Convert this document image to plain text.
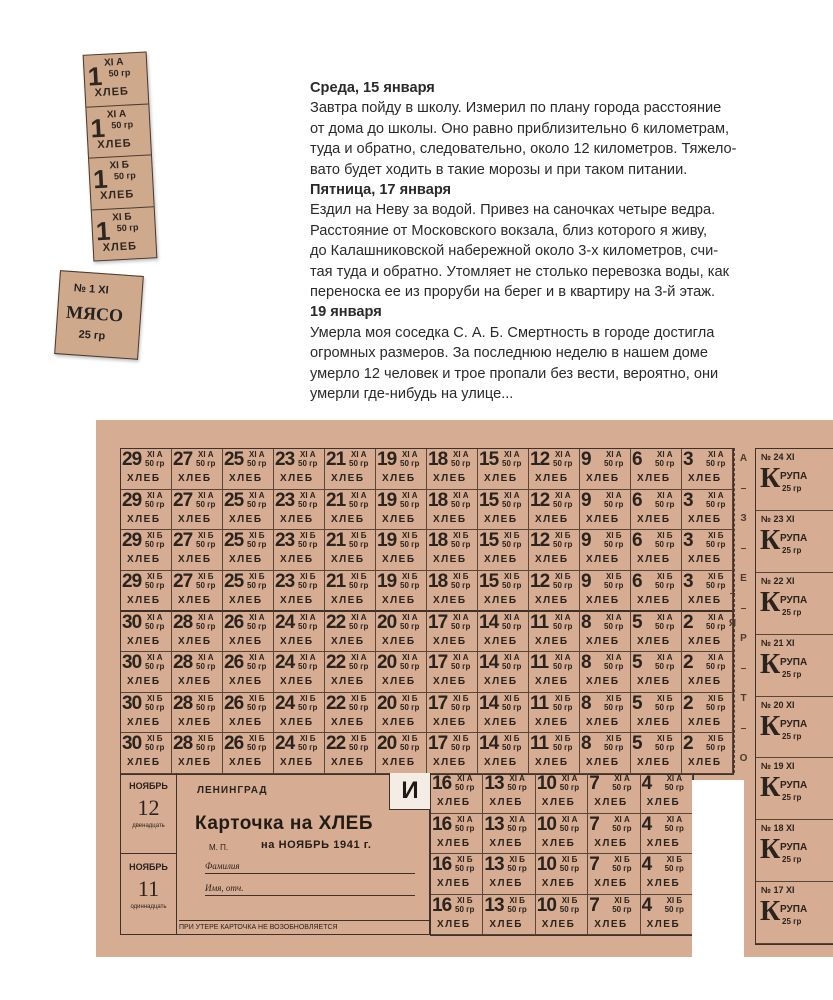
Среда, 15 января
Завтра пойду в школу. Измерил по плану города расстояние
от дома до школы. Оно равно приблизительно 6 километрам,
туда и обратно, следовательно, около 12 километров. Тяжело-
вато будет ходить в такие морозы и при таком питании.
Пятница, 17 января
Ездил на Неву за водой. Привез на саночках четыре ведра.
Расстояние от Московского вокзала, близ которого я живу,
до Калашниковской набережной около 3-х километров, счи-
тая туда и обратно. Утомляет не столько перевозка воды, как
переноска ее из проруби на берег и в квартиру на 3-й этаж.
19 января
Умерла моя соседка С. А. Б. Смертность в городе достигла
огромных размеров. За последнюю неделю в нашем доме
умерло 12 человек и трое пропали без вести, вероятно, они
умерли где-нибудь на улице...
1 XI А
50 гр
ХЛЕБ
1 XI А
50 гр
ХЛЕБ
1 XI Б
50 гр
ХЛЕБ
1 XI Б
50 гр
ХЛЕБ
№ 1 XI
МЯСО
25 гр
29 XI А
50 гр
ХЛЕБ
27 XI А
50 гр
ХЛЕБ
25 XI А
50 гр
ХЛЕБ
23 XI А
50 гр
ХЛЕБ
21 XI А
50 гр
ХЛЕБ
19 XI А
50 гр
ХЛЕБ
18 XI А
50 гр
ХЛЕБ
15 XI А
50 гр
ХЛЕБ
12 XI А
50 гр
ХЛЕБ
9 XI А
50 гр
ХЛЕБ
6 XI А
50 гр
ХЛЕБ
3 XI А
50 гр
ХЛЕБ
29 XI А
50 гр
ХЛЕБ
27 XI А
50 гр
ХЛЕБ
25 XI А
50 гр
ХЛЕБ
23 XI А
50 гр
ХЛЕБ
21 XI А
50 гр
ХЛЕБ
19 XI А
50 гр
ХЛЕБ
18 XI А
50 гр
ХЛЕБ
15 XI А
50 гр
ХЛЕБ
12 XI А
50 гр
ХЛЕБ
9 XI А
50 гр
ХЛЕБ
6 XI А
50 гр
ХЛЕБ
3 XI А
50 гр
ХЛЕБ
29 XI Б
50 гр
ХЛЕБ
27 XI Б
50 гр
ХЛЕБ
25 XI Б
50 гр
ХЛЕБ
23 XI Б
50 гр
ХЛЕБ
21 XI Б
50 гр
ХЛЕБ
19 XI Б
50 гр
ХЛЕБ
18 XI Б
50 гр
ХЛЕБ
15 XI Б
50 гр
ХЛЕБ
12 XI Б
50 гр
ХЛЕБ
9 XI Б
50 гр
ХЛЕБ
6 XI Б
50 гр
ХЛЕБ
3 XI Б
50 гр
ХЛЕБ
29 XI Б
50 гр
ХЛЕБ
27 XI Б
50 гр
ХЛЕБ
25 XI Б
50 гр
ХЛЕБ
23 XI Б
50 гр
ХЛЕБ
21 XI Б
50 гр
ХЛЕБ
19 XI Б
50 гр
ХЛЕБ
18 XI Б
50 гр
ХЛЕБ
15 XI Б
50 гр
ХЛЕБ
12 XI Б
50 гр
ХЛЕБ
9 XI Б
50 гр
ХЛЕБ
6 XI Б
50 гр
ХЛЕБ
3 XI Б
50 гр
ХЛЕБ
30 XI А
50 гр
ХЛЕБ
28 XI А
50 гр
ХЛЕБ
26 XI А
50 гр
ХЛЕБ
24 XI А
50 гр
ХЛЕБ
22 XI А
50 гр
ХЛЕБ
20 XI А
50 гр
ХЛЕБ
17 XI А
50 гр
ХЛЕБ
14 XI А
50 гр
ХЛЕБ
11 XI А
50 гр
ХЛЕБ
8 XI А
50 гр
ХЛЕБ
5 XI А
50 гр
ХЛЕБ
2 XI А
50 гр
ХЛЕБ
30 XI А
50 гр
ХЛЕБ
28 XI А
50 гр
ХЛЕБ
26 XI А
50 гр
ХЛЕБ
24 XI А
50 гр
ХЛЕБ
22 XI А
50 гр
ХЛЕБ
20 XI А
50 гр
ХЛЕБ
17 XI А
50 гр
ХЛЕБ
14 XI А
50 гр
ХЛЕБ
11 XI А
50 гр
ХЛЕБ
8 XI А
50 гр
ХЛЕБ
5 XI А
50 гр
ХЛЕБ
2 XI А
50 гр
ХЛЕБ
30 XI Б
50 гр
ХЛЕБ
28 XI Б
50 гр
ХЛЕБ
26 XI Б
50 гр
ХЛЕБ
24 XI Б
50 гр
ХЛЕБ
22 XI Б
50 гр
ХЛЕБ
20 XI Б
50 гр
ХЛЕБ
17 XI Б
50 гр
ХЛЕБ
14 XI Б
50 гр
ХЛЕБ
11 XI Б
50 гр
ХЛЕБ
8 XI Б
50 гр
ХЛЕБ
5 XI Б
50 гр
ХЛЕБ
2 XI Б
50 гр
ХЛЕБ
30 XI Б
50 гр
ХЛЕБ
28 XI Б
50 гр
ХЛЕБ
26 XI Б
50 гр
ХЛЕБ
24 XI Б
50 гр
ХЛЕБ
22 XI Б
50 гр
ХЛЕБ
20 XI Б
50 гр
ХЛЕБ
17 XI Б
50 гр
ХЛЕБ
14 XI Б
50 гр
ХЛЕБ
11 XI Б
50 гр
ХЛЕБ
8 XI Б
50 гр
ХЛЕБ
5 XI Б
50 гр
ХЛЕБ
2 XI Б
50 гр
ХЛЕБ
НОЯБРЬ
12
двенадцать
НОЯБРЬ
11
одиннадцать
ЛЕНИНГРАД	И
Карточка на ХЛЕБ
М. П.	на НОЯБРЬ 1941 г.
Фамилия
Имя, отч.
ПРИ УТЕРЕ КАРТОЧКА НЕ ВОЗОБНОВЛЯЕТСЯ
16 XI А
50 гр
ХЛЕБ
13 XI А
50 гр
ХЛЕБ
10 XI А
50 гр
ХЛЕБ
7 XI А
50 гр
ХЛЕБ
4 XI А
50 гр
ХЛЕБ
16 XI А
50 гр
ХЛЕБ
13 XI А
50 гр
ХЛЕБ
10 XI А
50 гр
ХЛЕБ
7 XI А
50 гр
ХЛЕБ
4 XI А
50 гр
ХЛЕБ
16 XI Б
50 гр
ХЛЕБ
13 XI Б
50 гр
ХЛЕБ
10 XI Б
50 гр
ХЛЕБ
7 XI Б
50 гр
ХЛЕБ
4 XI Б
50 гр
ХЛЕБ
16 XI Б
50 гр
ХЛЕБ
13 XI Б
50 гр
ХЛЕБ
10 XI Б
50 гр
ХЛЕБ
7 XI Б
50 гр
ХЛЕБ
4 XI Б
50 гр
ХЛЕБ
А – З – Е – Р – Т – О – Я
№ 24 XI
К РУПА
25 гр
№ 23 XI
К РУПА
25 гр
№ 22 XI
К РУПА
25 гр
№ 21 XI
К РУПА
25 гр
№ 20 XI
К РУПА
25 гр
№ 19 XI
К РУПА
25 гр
№ 18 XI
К РУПА
25 гр
№ 17 XI
К РУПА
25 гр
